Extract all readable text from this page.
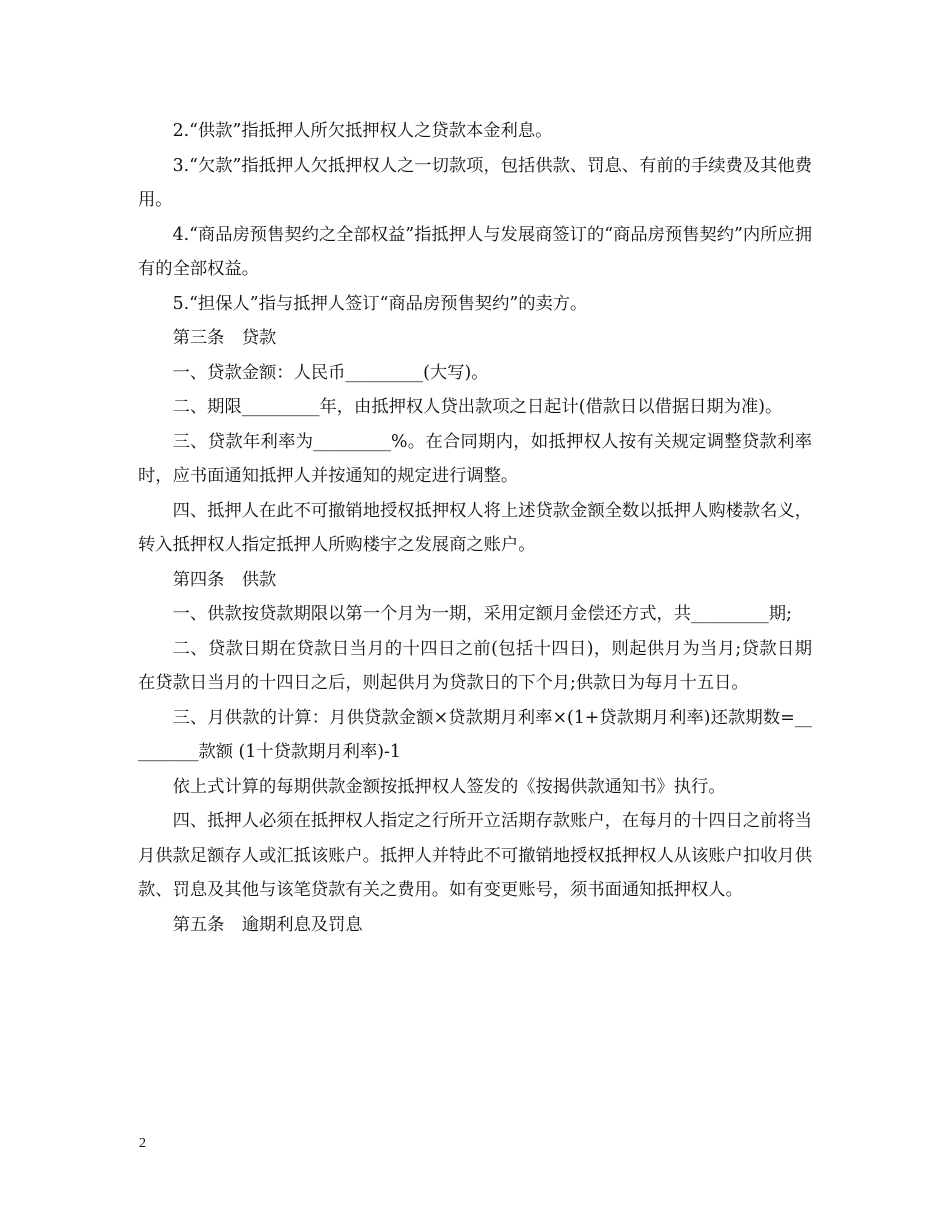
2.“供款”指抵押人所欠抵押权人之贷款本金利息。

3.“欠款”指抵押人欠抵押权人之一切款项，包括供款、罚息、有前的手续费及其他费用。

4.“商品房预售契约之全部权益”指抵押人与发展商签订的“商品房预售契约”内所应拥有的全部权益。

5.“担保人”指与抵押人签订“商品房预售契约”的卖方。

第三条　贷款

一、贷款金额：人民币_________(大写)。

二、期限_________年，由抵押权人贷出款项之日起计(借款日以借据日期为准)。

三、贷款年利率为_________%。在合同期内，如抵押权人按有关规定调整贷款利率时，应书面通知抵押人并按通知的规定进行调整。

四、抵押人在此不可撤销地授权抵押权人将上述贷款金额全数以抵押人购楼款名义，转入抵押权人指定抵押人所购楼宇之发展商之账户。

第四条　供款

一、供款按贷款期限以第一个月为一期，采用定额月金偿还方式，共_________期;

二、贷款日期在贷款日当月的十四日之前(包括十四日)，则起供月为当月;贷款日期在贷款日当月的十四日之后，则起供月为贷款日的下个月;供款日为每月十五日。

三、月供款的计算：月供贷款金额×贷款期月利率×(1+贷款期月利率)还款期数=_________款额 (1十贷款期月利率)-1

依上式计算的每期供款金额按抵押权人签发的《按揭供款通知书》执行。

四、抵押人必须在抵押权人指定之行所开立活期存款账户，在每月的十四日之前将当月供款足额存人或汇抵该账户。抵押人并特此不可撤销地授权抵押权人从该账户扣收月供款、罚息及其他与该笔贷款有关之费用。如有变更账号，须书面通知抵押权人。

第五条　逾期利息及罚息

2
